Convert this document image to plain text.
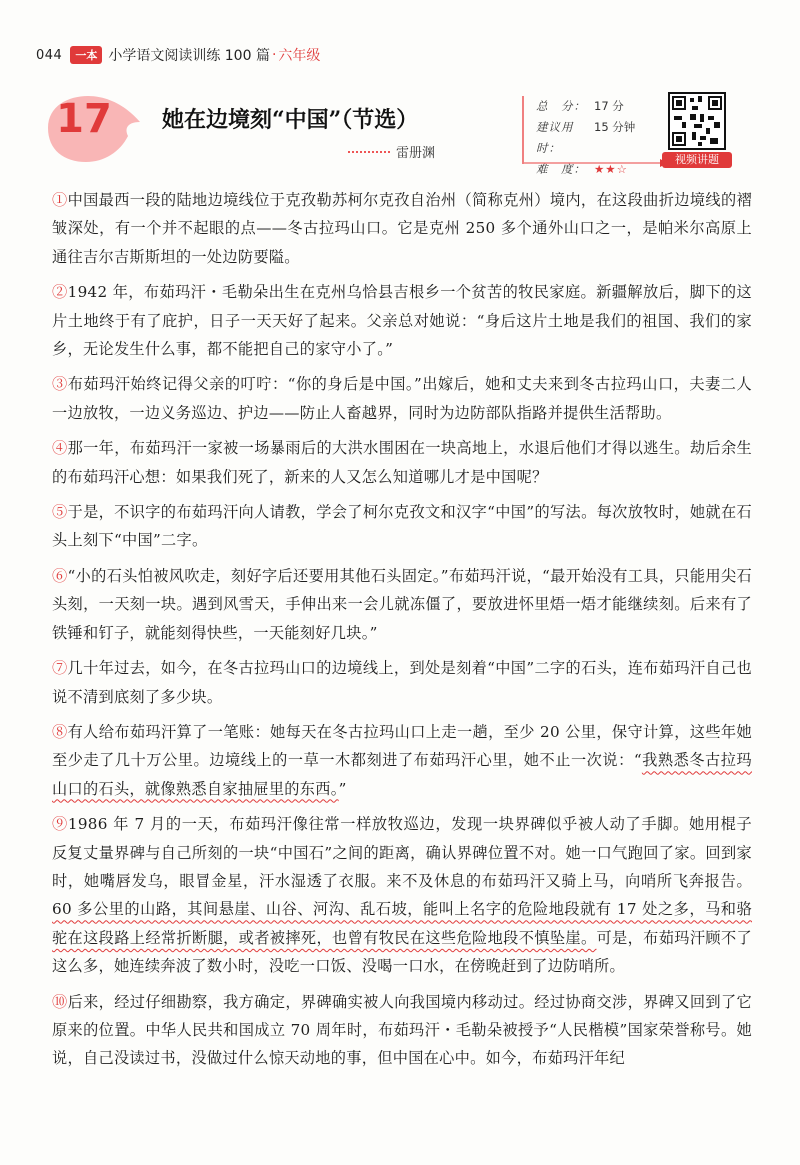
044	一本 小学语文阅读训练 100 篇 · 六年级
17	她在边境刻“中国”（节选）
雷册渊
总　分： 17 分
建议用时：
15 分钟
难　度： ★★☆
视频讲题

①中国最西一段的陆地边境线位于克孜勒苏柯尔克孜自治州（简称克州）境内，在这段曲折边境线的褶皱深处，有一个并不起眼的点——冬古拉玛山口。它是克州 250 多个通外山口之一，是帕米尔高原上通往吉尔吉斯斯坦的一处边防要隘。

②1942 年，布茹玛汗・毛勒朵出生在克州乌恰县吉根乡一个贫苦的牧民家庭。新疆解放后，脚下的这片土地终于有了庇护，日子一天天好了起来。父亲总对她说：“身后这片土地是我们的祖国、我们的家乡，无论发生什么事，都不能把自己的家守小了。”

③布茹玛汗始终记得父亲的叮咛：“你的身后是中国。”出嫁后，她和丈夫来到冬古拉玛山口，夫妻二人一边放牧，一边义务巡边、护边——防止人畜越界，同时为边防部队指路并提供生活帮助。

④那一年，布茹玛汗一家被一场暴雨后的大洪水围困在一块高地上，水退后他们才得以逃生。劫后余生的布茹玛汗心想：如果我们死了，新来的人又怎么知道哪儿才是中国呢？

⑤于是，不识字的布茹玛汗向人请教，学会了柯尔克孜文和汉字“中国”的写法。每次放牧时，她就在石头上刻下“中国”二字。

⑥“小的石头怕被风吹走，刻好字后还要用其他石头固定。”布茹玛汗说，“最开始没有工具，只能用尖石头刻，一天刻一块。遇到风雪天，手伸出来一会儿就冻僵了，要放进怀里焐一焐才能继续刻。后来有了铁锤和钉子，就能刻得快些，一天能刻好几块。”

⑦几十年过去，如今，在冬古拉玛山口的边境线上，到处是刻着“中国”二字的石头，连布茹玛汗自己也说不清到底刻了多少块。

⑧有人给布茹玛汗算了一笔账：她每天在冬古拉玛山口上走一趟，至少 20 公里，保守计算，这些年她至少走了几十万公里。边境线上的一草一木都刻进了布茹玛汗心里，她不止一次说：“我熟悉冬古拉玛山口的石头，就像熟悉自家抽屉里的东西。”

⑨1986 年 7 月的一天，布茹玛汗像往常一样放牧巡边，发现一块界碑似乎被人动了手脚。她用棍子反复丈量界碑与自己所刻的一块“中国石”之间的距离，确认界碑位置不对。她一口气跑回了家。回到家时，她嘴唇发乌，眼冒金星，汗水湿透了衣服。来不及休息的布茹玛汗又骑上马，向哨所飞奔报告。60 多公里的山路，其间悬崖、山谷、河沟、乱石坡，能叫上名字的危险地段就有 17 处之多，马和骆驼在这段路上经常折断腿，或者被摔死，也曾有牧民在这些危险地段不慎坠崖。可是，布茹玛汗顾不了这么多，她连续奔波了数小时，没吃一口饭、没喝一口水，在傍晚赶到了边防哨所。

⑩后来，经过仔细勘察，我方确定，界碑确实被人向我国境内移动过。经过协商交涉，界碑又回到了它原来的位置。中华人民共和国成立 70 周年时，布茹玛汗・毛勒朵被授予“人民楷模”国家荣誉称号。她说，自己没读过书，没做过什么惊天动地的事，但中国在心中。如今，布茹玛汗年纪
